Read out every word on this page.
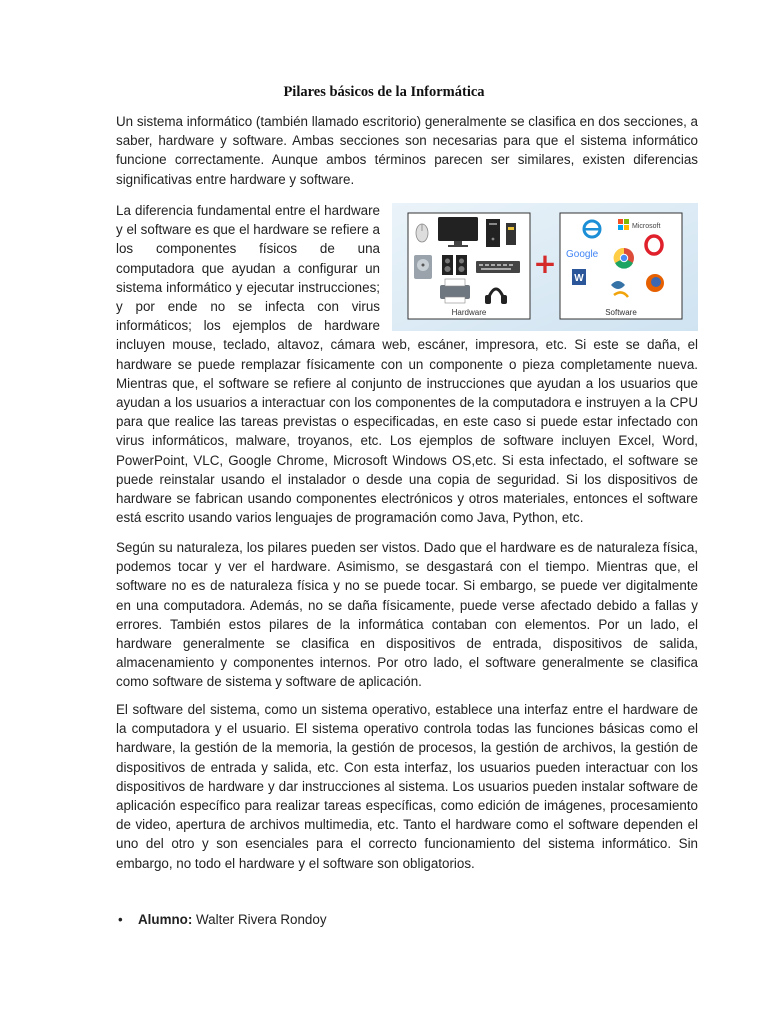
Pilares básicos de la Informática

Un sistema informático (también llamado escritorio) generalmente se clasifica en dos secciones, a saber, hardware y software. Ambas secciones son necesarias para que el sistema informático funcione correctamente. Aunque ambos términos parecen ser similares, existen diferencias significativas entre hardware y software.

Hardware
+
Microsoft
Google
W
Software
La diferencia fundamental entre el hardware y el software es que el hardware se refiere a los componentes físicos de una computadora que ayudan a configurar un sistema informático y ejecutar instrucciones; y por ende no se infecta con virus informáticos; los ejemplos de hardware incluyen mouse, teclado, altavoz, cámara web, escáner, impresora, etc. Si este se daña, el hardware se puede remplazar físicamente con un componente o pieza completamente nueva. Mientras que, el software se refiere al conjunto de instrucciones que ayudan a los usuarios que ayudan a los usuarios a interactuar con los componentes de la computadora e instruyen a la CPU para que realice las tareas previstas o especificadas, en este caso si puede estar infectado con virus informáticos, malware, troyanos, etc. Los ejemplos de software incluyen Excel, Word, PowerPoint, VLC, Google Chrome, Microsoft Windows OS,etc. Si esta infectado, el software se puede reinstalar usando el instalador o desde una copia de seguridad. Si los dispositivos de hardware se fabrican usando componentes electrónicos y otros materiales, entonces el software está escrito usando varios lenguajes de programación como Java, Python, etc.

Según su naturaleza, los pilares pueden ser vistos. Dado que el hardware es de naturaleza física, podemos tocar y ver el hardware. Asimismo, se desgastará con el tiempo. Mientras que, el software no es de naturaleza física y no se puede tocar. Si embargo, se puede ver digitalmente en una computadora. Además, no se daña físicamente, puede verse afectado debido a fallas y errores. También estos pilares de la informática contaban con elementos. Por un lado, el hardware generalmente se clasifica en dispositivos de entrada, dispositivos de salida, almacenamiento y componentes internos. Por otro lado, el software generalmente se clasifica como software de sistema y software de aplicación.

El software del sistema, como un sistema operativo, establece una interfaz entre el hardware de la computadora y el usuario. El sistema operativo controla todas las funciones básicas como el hardware, la gestión de la memoria, la gestión de procesos, la gestión de archivos, la gestión de dispositivos de entrada y salida, etc. Con esta interfaz, los usuarios pueden interactuar con los dispositivos de hardware y dar instrucciones al sistema. Los usuarios pueden instalar software de aplicación específico para realizar tareas específicas, como edición de imágenes, procesamiento de video, apertura de archivos multimedia, etc. Tanto el hardware como el software dependen el uno del otro y son esenciales para el correcto funcionamiento del sistema informático. Sin embargo, no todo el hardware y el software son obligatorios.

• Alumno: Walter Rivera Rondoy
